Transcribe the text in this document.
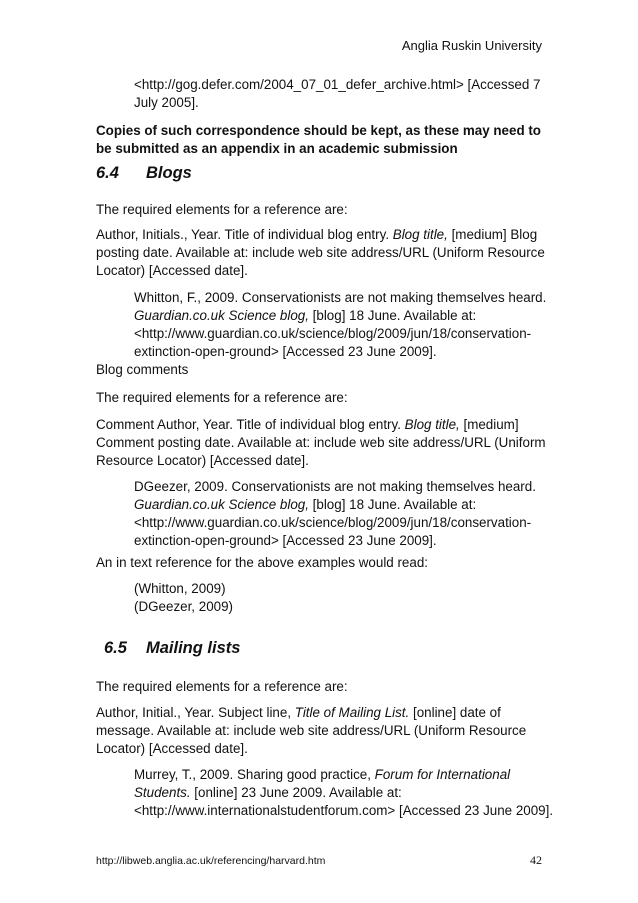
Anglia Ruskin University

<http://gog.defer.com/2004_07_01_defer_archive.html> [Accessed 7
July 2005].

Copies of such correspondence should be kept, as these may need to
be submitted as an appendix in an academic submission

6.4 Blogs

The required elements for a reference are:

Author, Initials., Year. Title of individual blog entry. Blog title, [medium] Blog
posting date. Available at: include web site address/URL (Uniform Resource
Locator) [Accessed date].

Whitton, F., 2009. Conservationists are not making themselves heard.
Guardian.co.uk Science blog, [blog] 18 June. Available at:
<http://www.guardian.co.uk/science/blog/2009/jun/18/conservation-
extinction-open-ground> [Accessed 23 June 2009].

Blog comments

The required elements for a reference are:

Comment Author, Year. Title of individual blog entry. Blog title, [medium]
Comment posting date. Available at: include web site address/URL (Uniform
Resource Locator) [Accessed date].

DGeezer, 2009. Conservationists are not making themselves heard.
Guardian.co.uk Science blog, [blog] 18 June. Available at:
<http://www.guardian.co.uk/science/blog/2009/jun/18/conservation-
extinction-open-ground> [Accessed 23 June 2009].

An in text reference for the above examples would read:

(Whitton, 2009)
(DGeezer, 2009)

6.5 Mailing lists

The required elements for a reference are:

Author, Initial., Year. Subject line, Title of Mailing List. [online] date of
message. Available at: include web site address/URL (Uniform Resource
Locator) [Accessed date].

Murrey, T., 2009. Sharing good practice, Forum for International
Students. [online] 23 June 2009. Available at:
<http://www.internationalstudentforum.com> [Accessed 23 June 2009].

http://libweb.anglia.ac.uk/referencing/harvard.htm	42
